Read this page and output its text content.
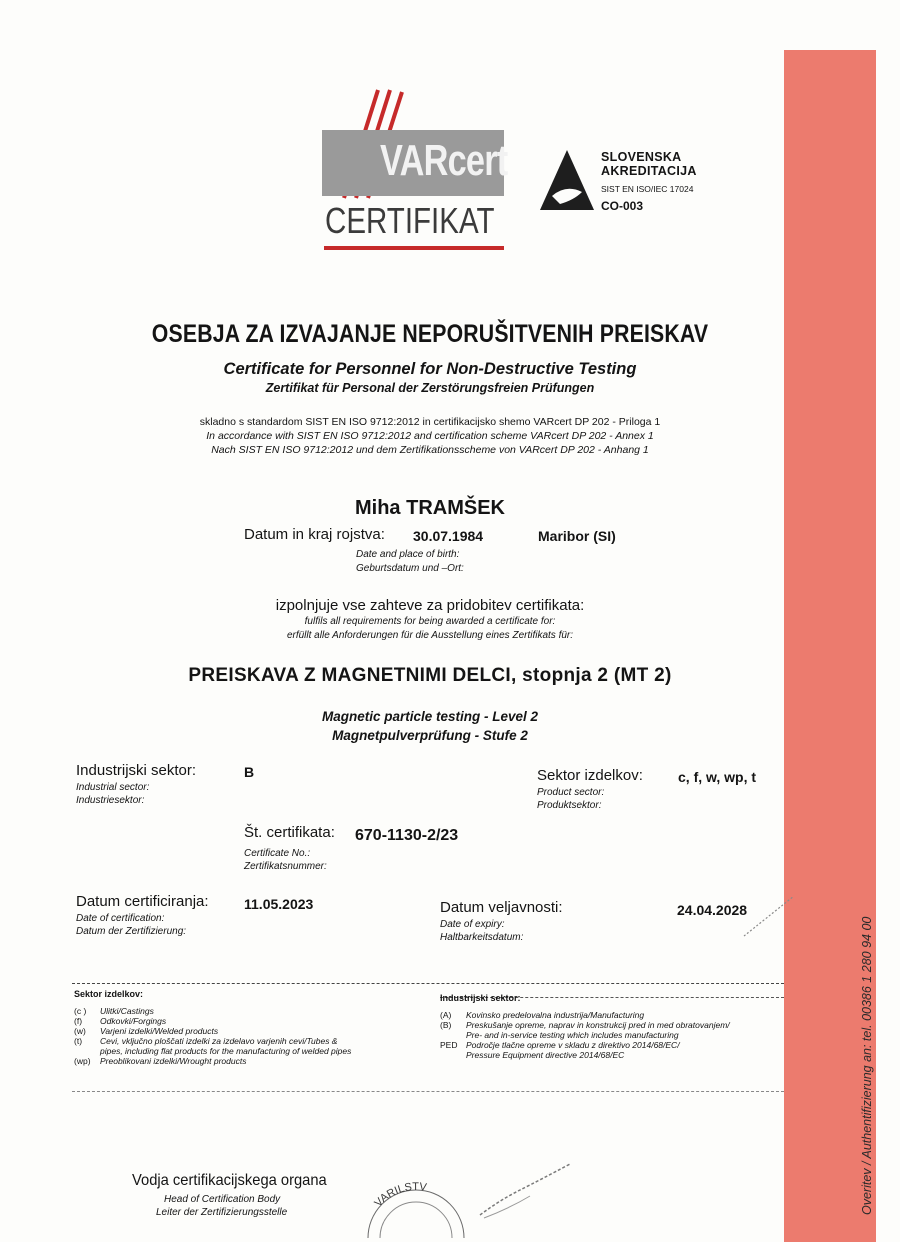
Overitev / Authentifizierung an: tel. 00386 1 280 94 00
VARcert
CERTIFIKAT
SLOVENSKA
AKREDITACIJA
SIST EN ISO/IEC 17024
CO-003
OSEBJA ZA IZVAJANJE NEPORUŠITVENIH PREISKAV
Certificate for Personnel for Non-Destructive Testing
Zertifikat für Personal der Zerstörungsfreien Prüfungen
skladno s standardom SIST EN ISO 9712:2012 in certifikacijsko shemo VARcert DP 202 - Priloga 1
In accordance with SIST EN ISO 9712:2012 and certification scheme VARcert DP 202 - Annex 1
Nach SIST EN ISO 9712:2012 und dem Zertifikationsscheme von VARcert DP 202 - Anhang 1
Miha TRAMŠEK
Datum in kraj rojstva: 30.07.1984	Maribor (SI)
Date and place of birth:
Geburtsdatum und –Ort:
izpolnjuje vse zahteve za pridobitev certifikata:
fulfils all requirements for being awarded a certificate for:
erfüllt alle Anforderungen für die Ausstellung eines Zertifikats für:
PREISKAVA Z MAGNETNIMI DELCI, stopnja 2 (MT 2)
Magnetic particle testing - Level 2
Magnetpulverprüfung - Stufe 2
Industrijski sektor:
Industrial sector:
Industriesektor:
B	Sektor izdelkov:
Product sector:
Produktsektor:
c, f, w, wp, t
Št. certifikata:
Certificate No.:
Zertifikatsnummer:
670-1130-2/23
Datum certificiranja:
Date of certification:
Datum der Zertifizierung:
11.05.2023	Datum veljavnosti:
Date of expiry:
Haltbarkeitsdatum:
24.04.2028
Sektor izdelkov:
(c ) Ulitki/Castings
(f) Odkovki/Forgings
(w) Varjeni izdelki/Welded products
(t) Cevi, vključno ploščati izdelki za izdelavo varjenih cevi/Tubes &
pipes, including flat products for the manufacturing of welded pipes
(wp) Preoblikovani izdelki/Wrought products
Industrijski sektor:
(A) Kovinsko predelovalna industrija/Manufacturing
(B) Preskušanje opreme, naprav in konstrukcij pred in med obratovanjem/
Pre- and in-service testing which includes manufacturing
PED Področje tlačne opreme v skladu z direktivo 2014/68/EC/
Pressure Equipment directive 2014/68/EC
Vodja certifikacijskega organa
Head of Certification Body
Leiter der Zertifizierungsstelle
VARILSTV
